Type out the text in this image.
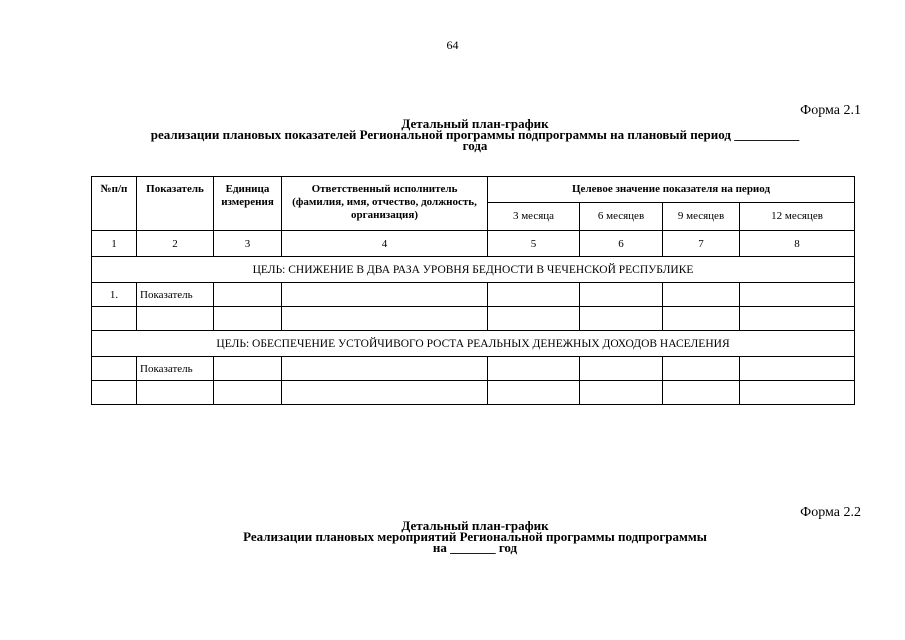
64
Форма 2.1
Детальный план-график
реализации плановых показателей Региональной программы подпрограммы на плановый период __________
года
№п/п	Показатель	Единица измерения	Ответственный исполнитель (фамилия, имя, отчество, должность, организация)	Целевое значение показателя на период			
				3 месяца	6 месяцев	9 месяцев	12 месяцев
1	2	3	4	5	6	7	8
ЦЕЛЬ: СНИЖЕНИЕ В ДВА РАЗА УРОВНЯ БЕДНОСТИ В ЧЕЧЕНСКОЙ РЕСПУБЛИКЕ							
1.	Показатель						

ЦЕЛЬ: ОБЕСПЕЧЕНИЕ УСТОЙЧИВОГО РОСТА РЕАЛЬНЫХ ДЕНЕЖНЫХ ДОХОДОВ НАСЕЛЕНИЯ							
	Показатель						

Форма 2.2
Детальный план-график
Реализации плановых мероприятий Региональной программы подпрограммы
на _______ год
